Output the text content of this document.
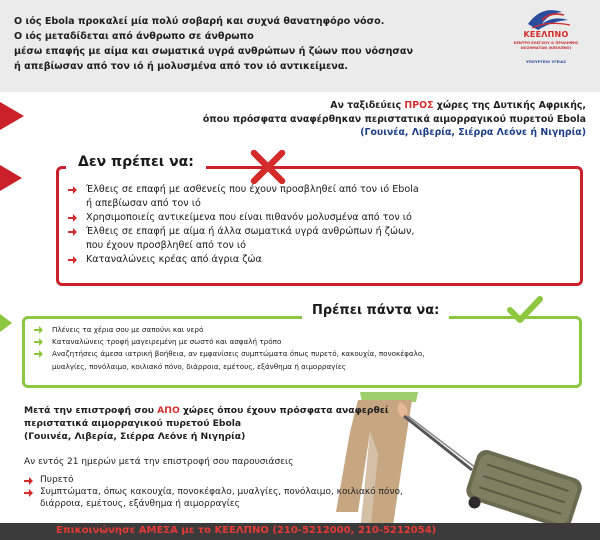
Ο ιός Ebola προκαλεί μία πολύ σοβαρή και συχνά θανατηφόρο νόσο.

Ο ιός μεταδίδεται από άνθρωπο σε άνθρωπο

μέσω επαφής με αίμα και σωματικά υγρά ανθρώπων ή ζώων που νόσησαν

ή απεβίωσαν από τον ιό ή μολυσμένα από τον ιό αντικείμενα.

ΚΕΕΛΠΝΟ
ΚΕΝΤΡΟ ΕΛΕΓΧΟΥ & ΠΡΟΛΗΨΗΣ ΝΟΣΗΜΑΤΩΝ (ΚΕΕΛΠΝΟ)
ΥΠΟΥΡΓΕΙΟ ΥΓΕΙΑΣ

Αν ταξιδεύεις ΠΡΟΣ χώρες της Δυτικής Αφρικής,

όπου πρόσφατα αναφέρθηκαν περιστατικά αιμορραγικού πυρετού Ebola

(Γουινέα, Λιβερία, Σιέρρα Λεόνε ή Νιγηρία)

Δεν πρέπει να:
Έλθεις σε επαφή με ασθενείς που έχουν προσβληθεί από τον ιό Ebola
ή απεβίωσαν από τον ιό
Χρησιμοποιείς αντικείμενα που είναι πιθανόν μολυσμένα από τον ιό
Έλθεις σε επαφή με αίμα ή άλλα σωματικά υγρά ανθρώπων ή ζώων,
που έχουν προσβληθεί από τον ιό
Καταναλώνεις κρέας από άγρια ζώα
Πρέπει πάντα να:
Πλένεις τα χέρια σου με σαπούνι και νερό
Καταναλώνεις τροφή μαγειρεμένη με σωστό και ασφαλή τρόπο
Αναζητήσεις άμεσα ιατρική βοήθεια, αν εμφανίσεις συμπτώματα όπως πυρετό, κακουχία, πονοκέφαλο,
μυαλγίες, πονόλαιμο, κοιλιακό πόνο, διάρροια, εμέτους, εξάνθημα ή αιμορραγίες

Μετά την επιστροφή σου ΑΠΟ χώρες όπου έχουν πρόσφατα αναφερθεί

περιστατικά αιμορραγικού πυρετού Ebola

(Γουινέα, Λιβερία, Σιέρρα Λεόνε ή Νιγηρία)

Αν εντός 21 ημερών μετά την επιστροφή σου παρουσιάσεις
Πυρετό
Συμπτώματα, όπως κακουχία, πονοκέφαλο, μυαλγίες, πονόλαιμο, κοιλιακό πόνο,
διάρροια, εμέτους, εξάνθημα ή αιμορραγίες
Επικοινώνησε ΑΜΕΣΑ με το ΚΕΕΛΠΝΟ (210-5212000, 210-5212054)
